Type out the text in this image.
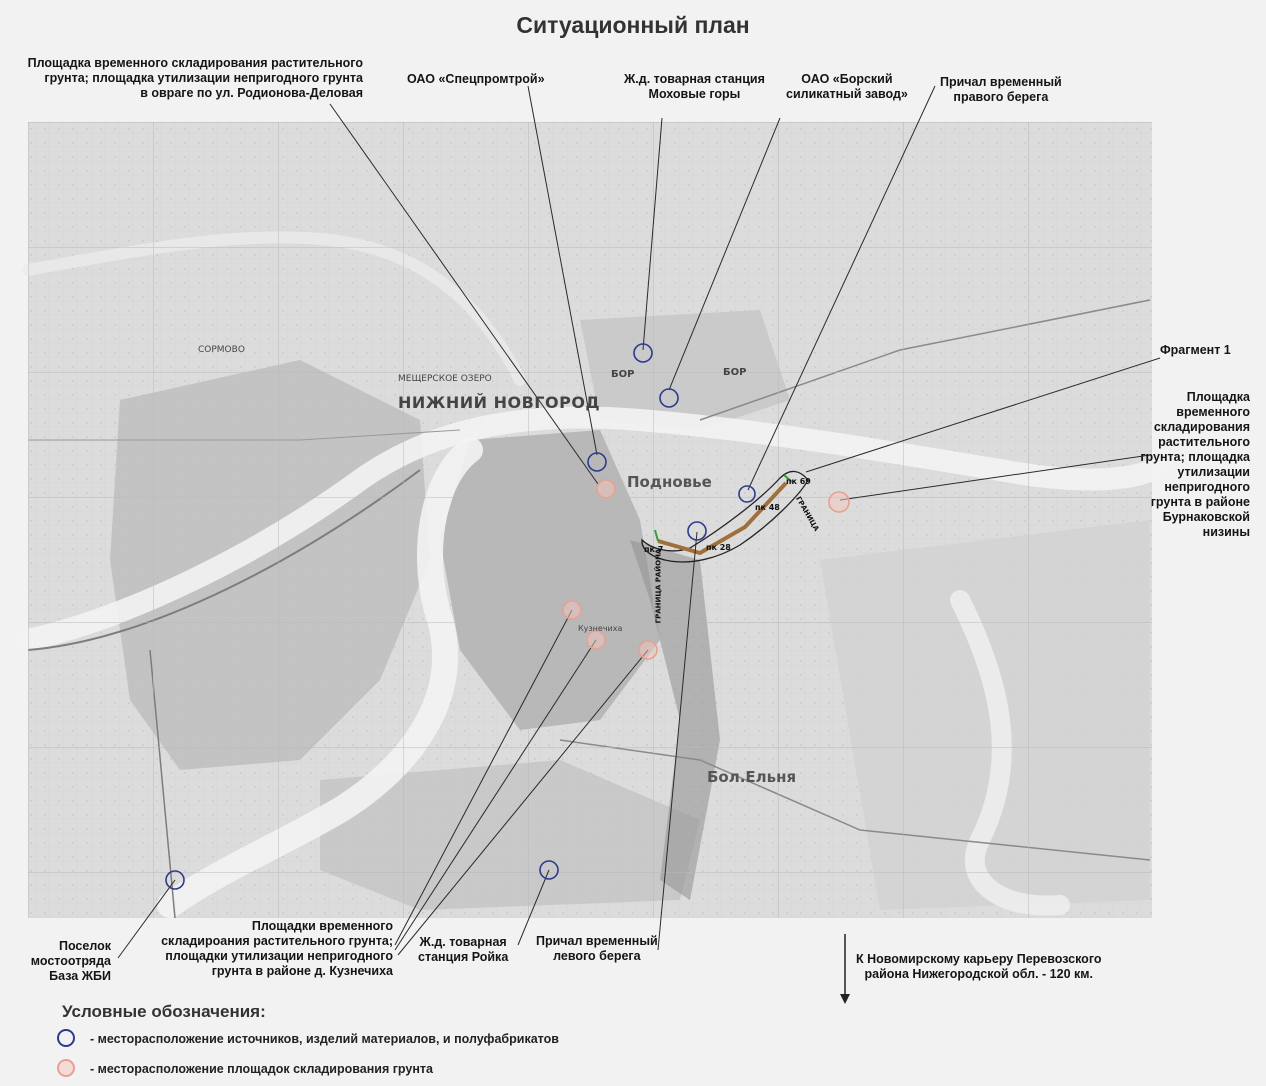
Ситуационный план
НИЖНИЙ НОВГОРОД
Подновье
Бол.Ельня
БОР	БОР
МЕЩЕРСКОЕ ОЗЕРО
СОРМОВО
Кузнечиха
пк 7	пк 28
пк 48
пк 69
ГРАНИЦА РАЙОНА
ГРАНИЦА
Площадка временного складирования растительного
грунта; площадка утилизации непригодного грунта
в овраге по ул. Родионова-Деловая
ОАО «Спецпромтрой»	Ж.д. товарная станция
Моховые горы
ОАО «Борский
силикатный завод»
Причал временный
правого берега
Фрагмент 1
Площадка
временного
складирования
растительного
грунта; площадка
утилизации
непригодного
грунта в районе
Бурнаковской
низины
Поселок
мостоотряда
База ЖБИ
Площадки временного
складироания растительного грунта;
площадки утилизации непригодного
грунта в районе д. Кузнечиха
Ж.д. товарная
станция Ройка
Причал временный
левого берега	К Новомирскому карьеру Перевозского
района Нижегородской обл. - 120 км.
Условные обозначения:
- месторасположение источников, изделий материалов, и полуфабрикатов
- месторасположение площадок складирования грунта
